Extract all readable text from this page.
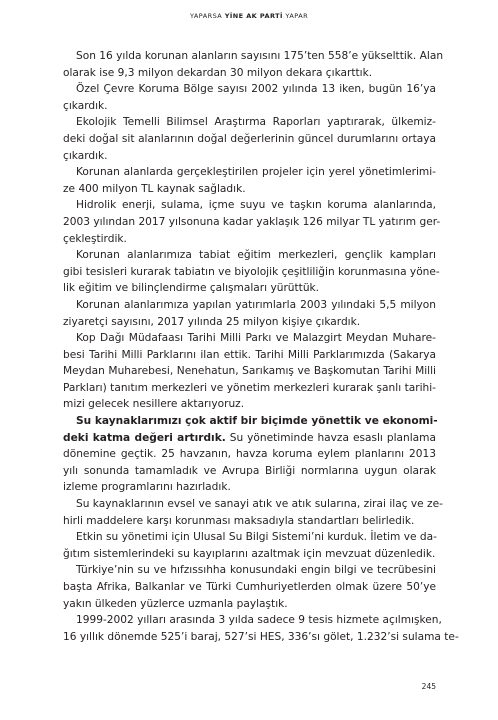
YAPARSA YİNE AK PARTİ YAPAR
Son 16 yılda korunan alanların sayısını 175’ten 558’e yükselttik. Alan
olarak ise 9,3 milyon dekardan 30 milyon dekara çıkarttık.
Özel Çevre Koruma Bölge sayısı 2002 yılında 13 iken, bugün 16’ya
çıkardık.
Ekolojik Temelli Bilimsel Araştırma Raporları yaptırarak, ülkemiz-
deki doğal sit alanlarının doğal değerlerinin güncel durumlarını ortaya
çıkardık.
Korunan alanlarda gerçekleştirilen projeler için yerel yönetimlerimi-
ze 400 milyon TL kaynak sağladık.
Hidrolik enerji, sulama, içme suyu ve taşkın koruma alanlarında,
2003 yılından 2017 yılsonuna kadar yaklaşık 126 milyar TL yatırım ger-
çekleştirdik.
Korunan alanlarımıza tabiat eğitim merkezleri, gençlik kampları
gibi tesisleri kurarak tabiatın ve biyolojik çeşitliliğin korunmasına yöne-
lik eğitim ve bilinçlendirme çalışmaları yürüttük.
Korunan alanlarımıza yapılan yatırımlarla 2003 yılındaki 5,5 milyon
ziyaretçi sayısını, 2017 yılında 25 milyon kişiye çıkardık.
Kop Dağı Müdafaası Tarihi Milli Parkı ve Malazgirt Meydan Muhare-
besi Tarihi Milli Parklarını ilan ettik. Tarihi Milli Parklarımızda (Sakarya
Meydan Muharebesi, Nenehatun, Sarıkamış ve Başkomutan Tarihi Milli
Parkları) tanıtım merkezleri ve yönetim merkezleri kurarak şanlı tarihi-
mizi gelecek nesillere aktarıyoruz.
Su kaynaklarımızı çok aktif bir biçimde yönettik ve ekonomi-
deki katma değeri artırdık. Su yönetiminde havza esaslı planlama
dönemine geçtik. 25 havzanın, havza koruma eylem planlarını 2013
yılı sonunda tamamladık ve Avrupa Birliği normlarına uygun olarak
izleme programlarını hazırladık.
Su kaynaklarının evsel ve sanayi atık ve atık sularına, zirai ilaç ve ze-
hirli maddelere karşı korunması maksadıyla standartları belirledik.
Etkin su yönetimi için Ulusal Su Bilgi Sistemi’ni kurduk. İletim ve da-
ğıtım sistemlerindeki su kayıplarını azaltmak için mevzuat düzenledik.
Türkiye’nin su ve hıfzıssıhha konusundaki engin bilgi ve tecrübesini
başta Afrika, Balkanlar ve Türki Cumhuriyetlerden olmak üzere 50’ye
yakın ülkeden yüzlerce uzmanla paylaştık.
1999-2002 yılları arasında 3 yılda sadece 9 tesis hizmete açılmışken,
16 yıllık dönemde 525’i baraj, 527’si HES, 336’sı gölet, 1.232’si sulama te-
245
